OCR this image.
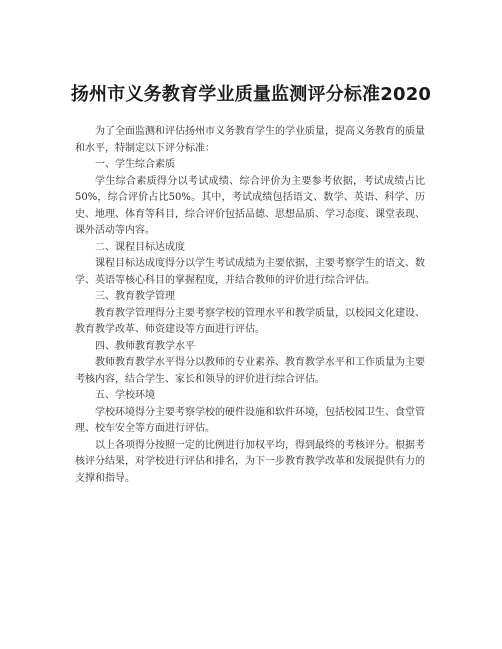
扬州市义务教育学业质量监测评分标准2020

为了全面监测和评估扬州市义务教育学生的学业质量，提高义务教育的质量和水平，特制定以下评分标准：

一、学生综合素质

学生综合素质得分以考试成绩、综合评价为主要参考依据，考试成绩占比50%，综合评价占比50%。其中，考试成绩包括语文、数学、英语、科学、历史、地理、体育等科目，综合评价包括品德、思想品质、学习态度、课堂表现、课外活动等内容。

二、课程目标达成度

课程目标达成度得分以学生考试成绩为主要依据，主要考察学生的语文、数学、英语等核心科目的掌握程度，并结合教师的评价进行综合评估。

三、教育教学管理

教育教学管理得分主要考察学校的管理水平和教学质量，以校园文化建设、教育教学改革、师资建设等方面进行评估。

四、教师教育教学水平

教师教育教学水平得分以教师的专业素养、教育教学水平和工作质量为主要考核内容，结合学生、家长和领导的评价进行综合评估。

五、学校环境

学校环境得分主要考察学校的硬件设施和软件环境，包括校园卫生、食堂管理、校车安全等方面进行评估。

以上各项得分按照一定的比例进行加权平均，得到最终的考核评分。根据考核评分结果，对学校进行评估和排名，为下一步教育教学改革和发展提供有力的支撑和指导。
